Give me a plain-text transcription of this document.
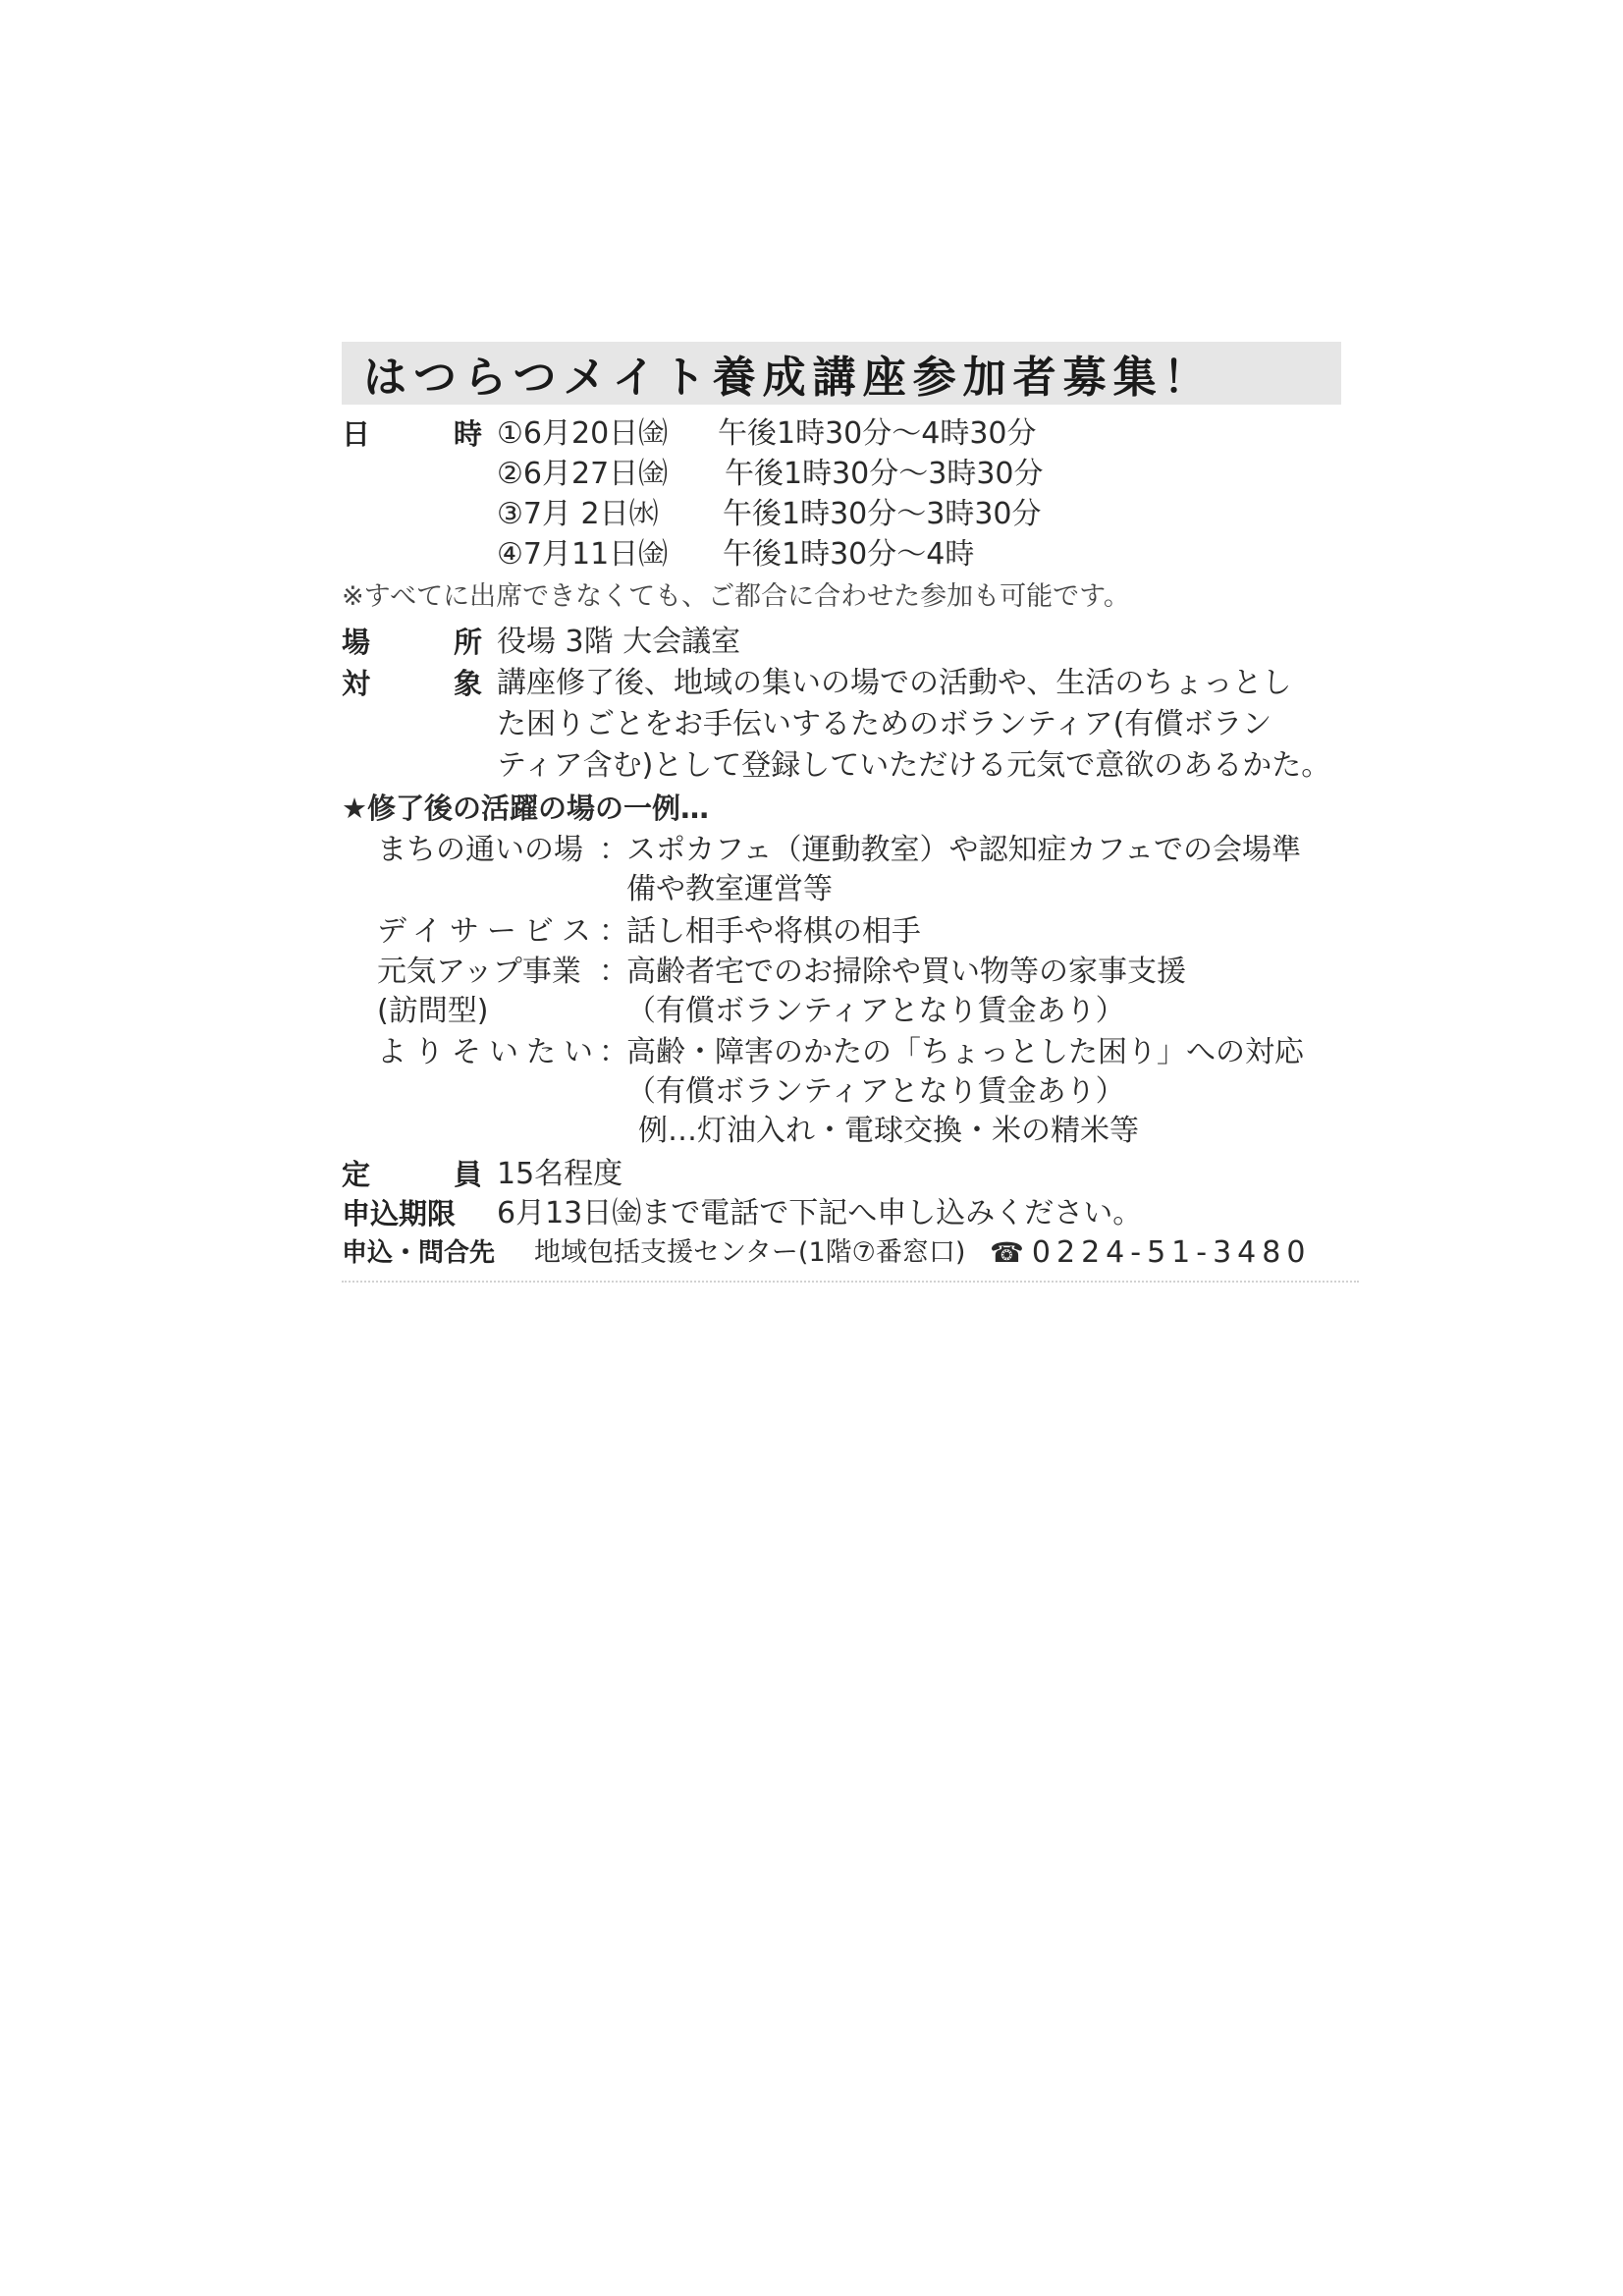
はつらつメイト養成講座参加者募集！
日　時
①6月20日㈮ 午後1時30分～4時30分
②6月27日㈮ 午後1時30分～3時30分
③7月 2日㈬ 午後1時30分～3時30分
④7月11日㈮ 午後1時30分～4時
※すべてに出席できなくても、ご都合に合わせた参加も可能です。
場　所
役場 3階 大会議室
対　象
講座修了後、地域の集いの場での活動や、生活のちょっとし
た困りごとをお手伝いするためのボランティア(有償ボラン
ティア含む)として登録していただける元気で意欲のあるかた。
★修了後の活躍の場の一例…
まちの通いの場 ：
スポカフェ（運動教室）や認知症カフェでの会場準
備や教室運営等
デイサービス ：
話し相手や将棋の相手
元気アップ事業 ：
高齢者宅でのお掃除や買い物等の家事支援
(訪問型)	（有償ボランティアとなり賃金あり）
よりそいたい
：
高齢・障害のかたの「ちょっとした困り」への対応
（有償ボランティアとなり賃金あり）
例…灯油入れ・電球交換・米の精米等
定　員
15名程度
申込期限 6月13日㈮まで電話で下記へ申し込みください。
申込・問合先 地域包括支援センター(1階⑦番窓口) ☎0224-51-3480
